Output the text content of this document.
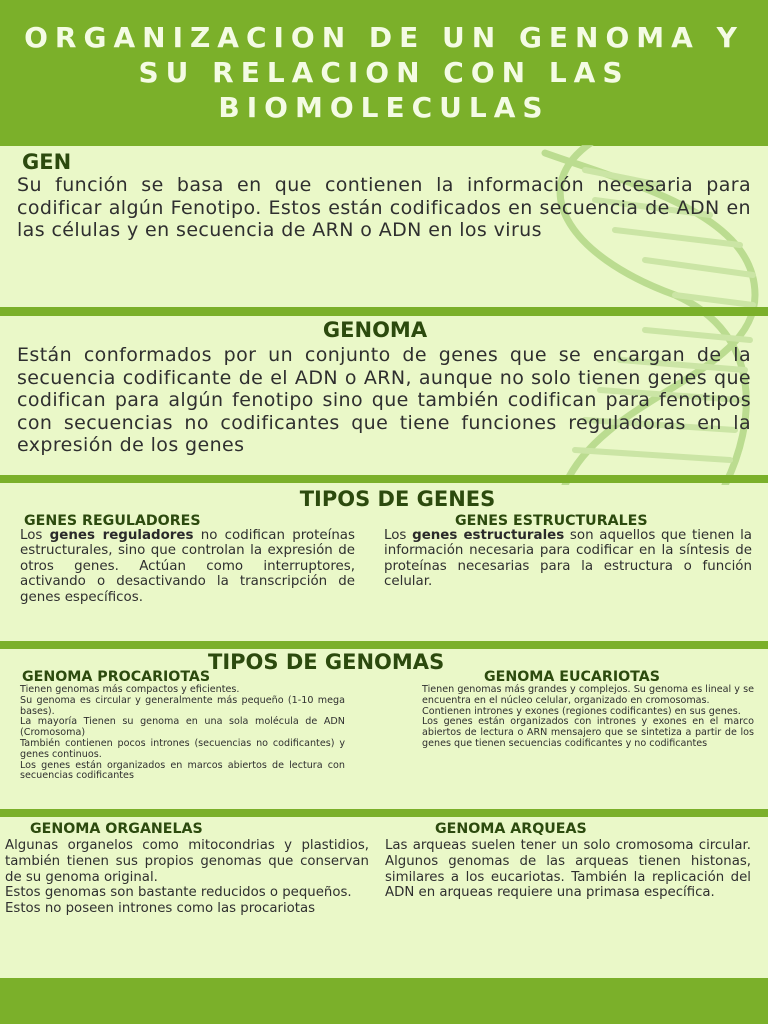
ORGANIZACION DE UN GENOMA Y SU RELACION CON LAS BIOMOLECULAS
GEN
Su función se basa en que contienen la información necesaria para codificar algún Fenotipo. Estos están codificados en secuencia de ADN en las células y en secuencia de ARN o ADN en los virus
GENOMA
Están conformados por un conjunto de genes que se encargan de la secuencia codificante de el ADN o ARN, aunque no solo tienen genes que codifican para algún fenotipo sino que también codifican para fenotipos con secuencias no codificantes que tiene funciones reguladoras en la expresión de los genes
TIPOS DE GENES
GENES REGULADORES
Los genes reguladores no codifican proteínas estructurales, sino que controlan la expresión de otros genes. Actúan como interruptores, activando o desactivando la transcripción de genes específicos.
GENES ESTRUCTURALES
Los genes estructurales son aquellos que tienen la información necesaria para codificar en la síntesis de proteínas necesarias para la estructura o función celular.
TIPOS DE GENOMAS
GENOMA PROCARIOTAS
Tienen genomas más compactos y eficientes.
Su genoma es circular y generalmente más pequeño (1-10 mega bases).
La mayoría Tienen su genoma en una sola molécula de ADN (Cromosoma)
También contienen pocos intrones (secuencias no codificantes) y genes continuos.
Los genes están organizados en marcos abiertos de lectura con secuencias codificantes
GENOMA EUCARIOTAS
Tienen genomas más grandes y complejos. Su genoma es lineal y se encuentra en el núcleo celular, organizado en cromosomas.
Contienen intrones y exones (regiones codificantes) en sus genes.
Los genes están organizados con intrones y exones en el marco abiertos de lectura o ARN mensajero que se sintetiza a partir de los genes que tienen secuencias codificantes y no codificantes
GENOMA ORGANELAS
Algunas organelos como mitocondrias y plastidios, también tienen sus propios genomas que conservan de su genoma original.
Estos genomas son bastante reducidos o pequeños.
Estos no poseen intrones como las procariotas
GENOMA ARQUEAS
Las arqueas suelen tener un solo cromosoma circular. Algunos genomas de las arqueas tienen histonas, similares a los eucariotas. También la replicación del ADN en arqueas requiere una primasa específica.
